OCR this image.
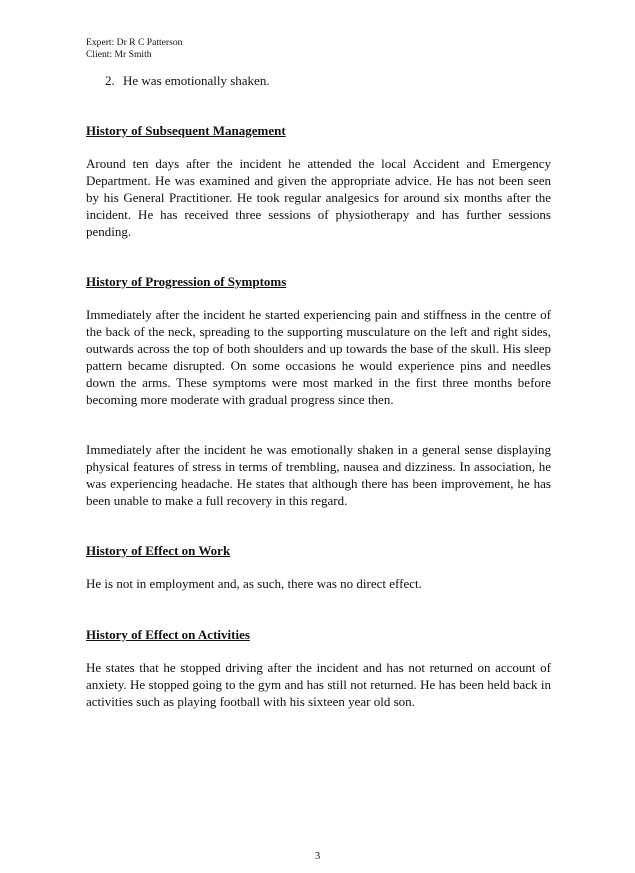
Expert: Dr R C Patterson
Client: Mr Smith
2. He was emotionally shaken.
History of Subsequent Management
Around ten days after the incident he attended the local Accident and Emergency Department. He was examined and given the appropriate advice. He has not been seen by his General Practitioner. He took regular analgesics for around six months after the incident. He has received three sessions of physiotherapy and has further sessions pending.
History of Progression of Symptoms
Immediately after the incident he started experiencing pain and stiffness in the centre of the back of the neck, spreading to the supporting musculature on the left and right sides, outwards across the top of both shoulders and up towards the base of the skull. His sleep pattern became disrupted. On some occasions he would experience pins and needles down the arms. These symptoms were most marked in the first three months before becoming more moderate with gradual progress since then.
Immediately after the incident he was emotionally shaken in a general sense displaying physical features of stress in terms of trembling, nausea and dizziness. In association, he was experiencing headache. He states that although there has been improvement, he has been unable to make a full recovery in this regard.
History of Effect on Work
He is not in employment and, as such, there was no direct effect.
History of Effect on Activities
He states that he stopped driving after the incident and has not returned on account of anxiety. He stopped going to the gym and has still not returned. He has been held back in activities such as playing football with his sixteen year old son.
3
